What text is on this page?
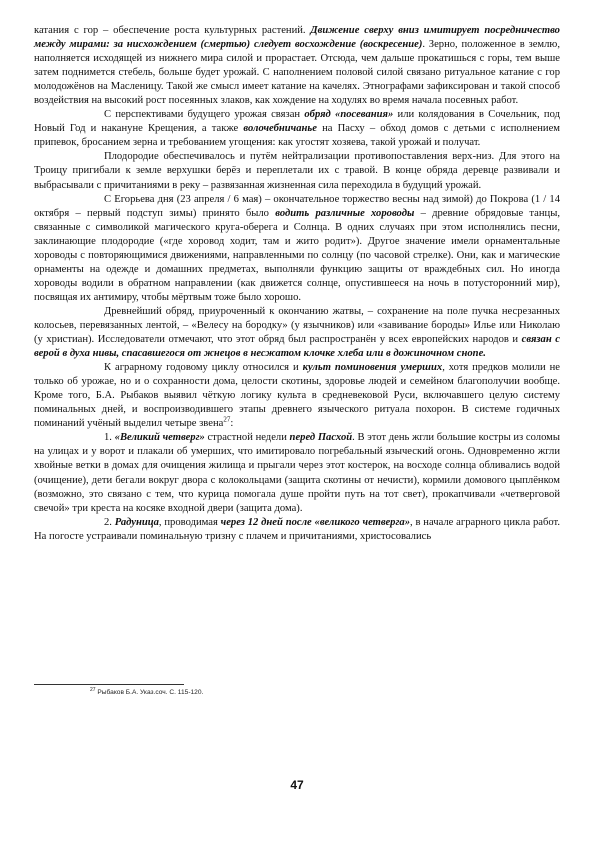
катания с гор – обеспечение роста культурных растений. Движение сверху вниз имитирует посредничество между мирами: за нисхождением (смертью) следует восхождение (воскресение). Зерно, положенное в землю, наполняется исходящей из нижнего мира силой и прорастает. Отсюда, чем дальше прокатишься с горы, тем выше затем поднимется стебель, больше будет урожай. С наполнением половой силой связано ритуальное катание с гор молодожёнов на Масленицу. Такой же смысл имеет катание на качелях. Этнографами зафиксирован и такой способ воздействия на высокий рост посеянных злаков, как хождение на ходулях во время начала посевных работ.

С перспективами будущего урожая связан обряд «посевания» или колядования в Сочельник, под Новый Год и накануне Крещения, а также волочебничанье на Пасху – обход домов с детьми с исполнением припевок, бросанием зерна и требованием угощения: как угостят хозяева, такой урожай и получат.

Плодородие обеспечивалось и путём нейтрализации противопоставления верх-низ. Для этого на Троицу пригибали к земле верхушки берёз и переплетали их с травой. В конце обряда деревце развивали и выбрасывали с причитаниями в реку – развязанная жизненная сила переходила в будущий урожай.

С Егорьева дня (23 апреля / 6 мая) – окончательное торжество весны над зимой) до Покрова (1 / 14 октября – первый подступ зимы) принято было водить различные хороводы – древние обрядовые танцы, связанные с символикой магического круга-оберега и Солнца. В одних случаях при этом исполнялись песни, заклинающие плодородие («где хоровод ходит, там и жито родит»). Другое значение имели орнаментальные хороводы с повторяющимися движениями, направленными по солнцу (по часовой стрелке). Они, как и магические орнаменты на одежде и домашних предметах, выполняли функцию защиты от враждебных сил. Но иногда хороводы водили в обратном направлении (как движется солнце, опустившееся на ночь в потусторонний мир), посвящая их антимиру, чтобы мёртвым тоже было хорошо.

Древнейший обряд, приуроченный к окончанию жатвы, – сохранение на поле пучка несрезанных колосьев, перевязанных лентой, – «Велесу на бородку» (у язычников) или «завивание бороды» Илье или Николаю (у христиан). Исследователи отмечают, что этот обряд был распространён у всех европейских народов и связан с верой в духа нивы, спасавшегося от жнецов в несжатом клочке хлеба или в дожиночном снопе.

К аграрному годовому циклу относился и культ поминовения умерших, хотя предков молили не только об урожае, но и о сохранности дома, целости скотины, здоровье людей и семейном благополучии вообще. Кроме того, Б.А. Рыбаков выявил чёткую логику культа в средневековой Руси, включавшего целую систему поминальных дней, и воспроизводившего этапы древнего языческого ритуала похорон. В системе годичных поминаний учёный выделил четыре звена$^{27}$:

1. «Великий четверг» страстной недели перед Пасхой. В этот день жгли большие костры из соломы на улицах и у ворот и плакали об умерших, что имитировало погребальный языческий огонь. Одновременно жгли хвойные ветки в домах для очищения жилища и прыгали через этот костерок, на восходе солнца обливались водой (очищение), дети бегали вокруг двора с колокольцами (защита скотины от нечисти), кормили домового цыплёнком (возможно, это связано с тем, что курица помогала душе пройти путь на тот свет), прокапчивали «четверговой свечой» три креста на косяке входной двери (защита дома).

2. Радуница, проводимая через 12 дней после «великого четверга», в начале аграрного цикла работ. На погосте устраивали поминальную тризну с плачем и причитаниями, христосовались

$^{27}$ Рыбаков Б.А. Указ.соч. С. 115-120.
47
